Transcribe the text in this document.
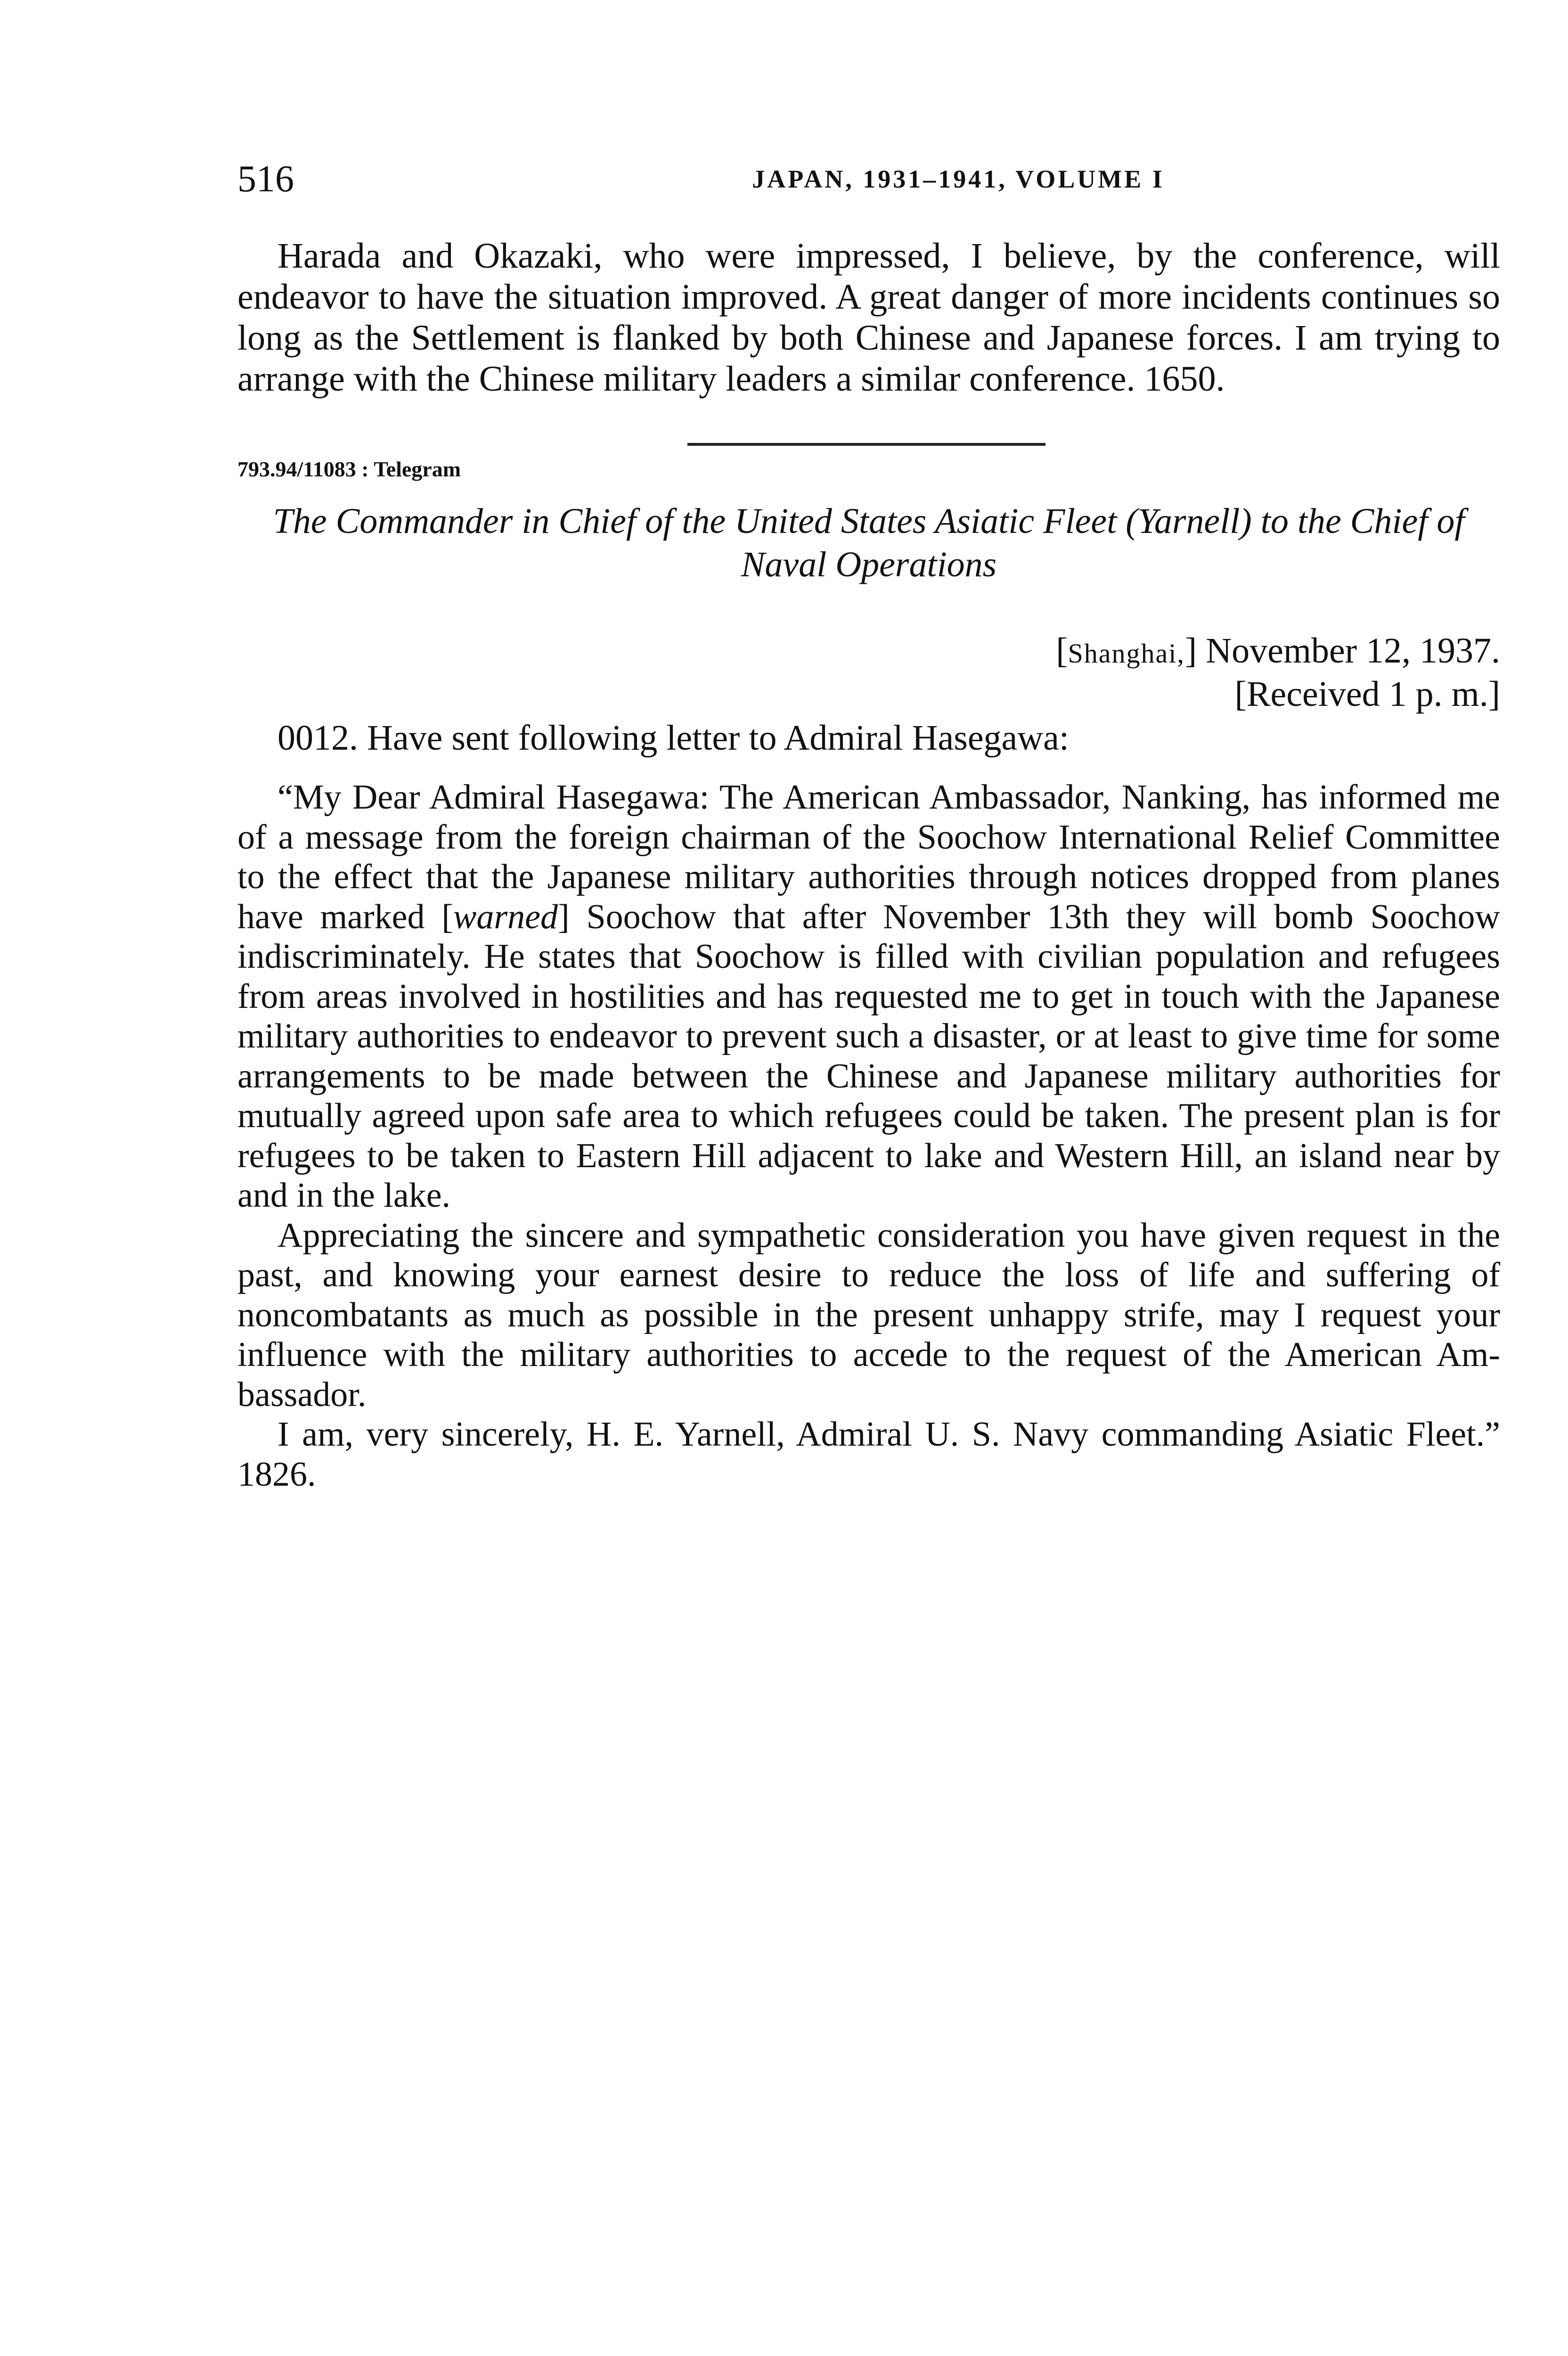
516	JAPAN, 1931–1941, VOLUME I

Harada and Okazaki, who were impressed, I believe, by the conference, will endeavor to have the situation improved. A great danger of more incidents continues so long as the Settlement is flanked by both Chinese and Japanese forces. I am trying to arrange with the Chinese military leaders a similar conference. 1650.

793.94/11083 : Telegram
The Commander in Chief of the United States Asiatic Fleet (Yarnell) to the Chief of Naval Operations
[Shanghai,] November 12, 1937.
[Received 1 p. m.]

0012. Have sent following letter to Admiral Hasegawa:

“My Dear Admiral Hasegawa: The American Ambassador, Nanking, has informed me of a message from the foreign chairman of the Soochow International Relief Committee to the effect that the Japanese military authorities through notices dropped from planes have marked [warned] Soochow that after November 13th they will bomb Soochow indiscriminately. He states that Soochow is filled with civilian population and refugees from areas involved in hostilities and has requested me to get in touch with the Japanese military authorities to endeavor to prevent such a disaster, or at least to give time for some arrangements to be made between the Chinese and Japanese military authorities for mutually agreed upon safe area to which refugees could be taken. The present plan is for refugees to be taken to Eastern Hill adjacent to lake and Western Hill, an island near by and in the lake.

Appreciating the sincere and sympathetic consideration you have given request in the past, and knowing your earnest desire to reduce the loss of life and suffering of noncombatants as much as possible in the present unhappy strife, may I request your influence with the military authorities to accede to the request of the American Ambassador.

I am, very sincerely, H. E. Yarnell, Admiral U. S. Navy commanding Asiatic Fleet.” 1826.
